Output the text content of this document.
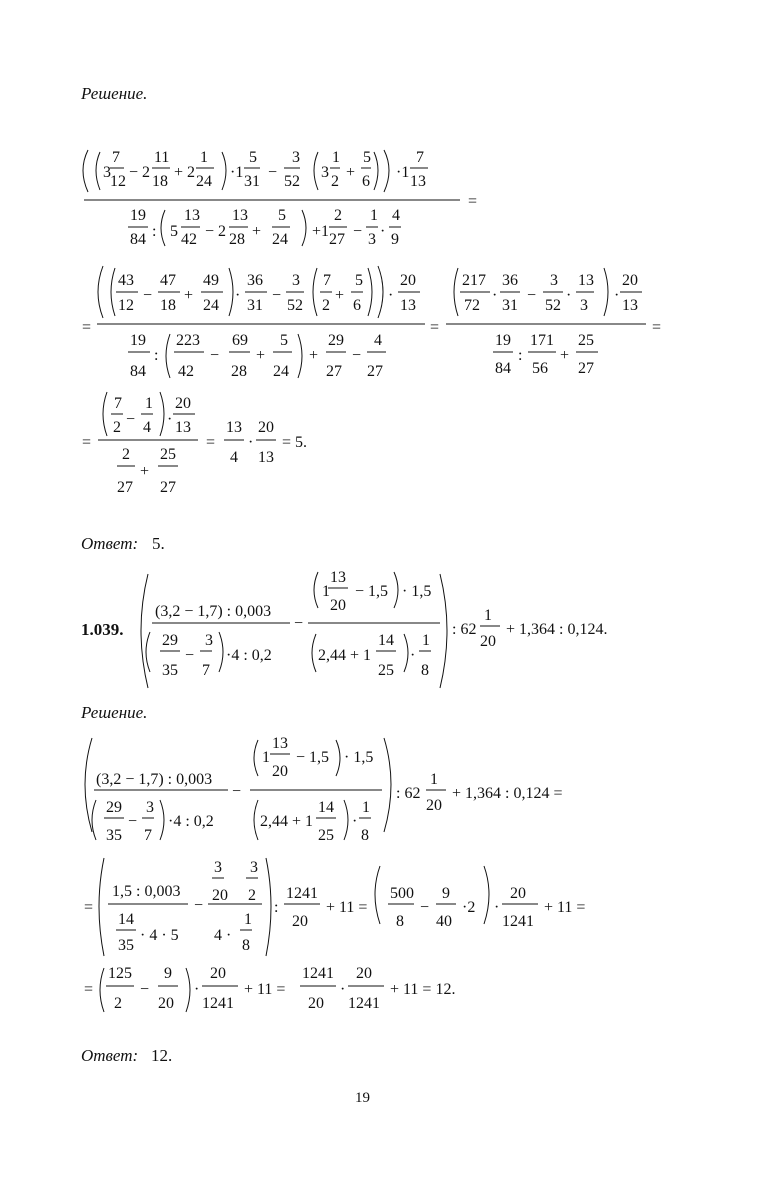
Решение.
Ответ: 5.
1.039.
Решение.
Ответ: 12.
19
3
7
12
− 2
11
18
+ 2
1
24
·1
5
31
−
3
52
3
1
2
+
5
6
·1
7
13
=
19
84 : 5
13
42 − 2
13
28 +
5
24 +1
2
27 −
1
3 ·
4
9
=
43
12
−
47
18
+
49
24
·
36
31
−
3
52
7
2
+
5
6
·
20
13
19
84
:
223
42
−
69
28
+
5
24
+
29
27
−
4
27
=
217
72
·
36
31
−
3
52
·
13
3
·
20
13
=
19
84
:
171
56
+
25
27
=
7
2 −
1
4 ·
20
13
2
27
+
25
27
=
13
4
·
20
13
= 5.
(3,2 − 1,7) : 0,003
29
35
−
3
7
·4 : 0,2
−
1
13
20
− 1,5 · 1,5
2,44 + 1
14
25
·
1
8
: 62
1
20
+ 1,364 : 0,124.
1
13
20
− 1,5 · 1,5
(3,2 − 1,7) : 0,003
−
29
35
−
3
7
·4 : 0,2	2,44 + 1
14
25
·
1
8
: 62
1
20
+ 1,364 : 0,124 =
=
3
20
3
2
1,5 : 0,003
−
14
35
· 4 · 5 4 ·
1
8
:
1241
20
+ 11 =
500
8
−
9
40
·2 ·
20
1241
+ 11 =
=
125
2
−
9
20
·
20
1241
+ 11 =
1241
20
·
20
1241
+ 11 = 12.
